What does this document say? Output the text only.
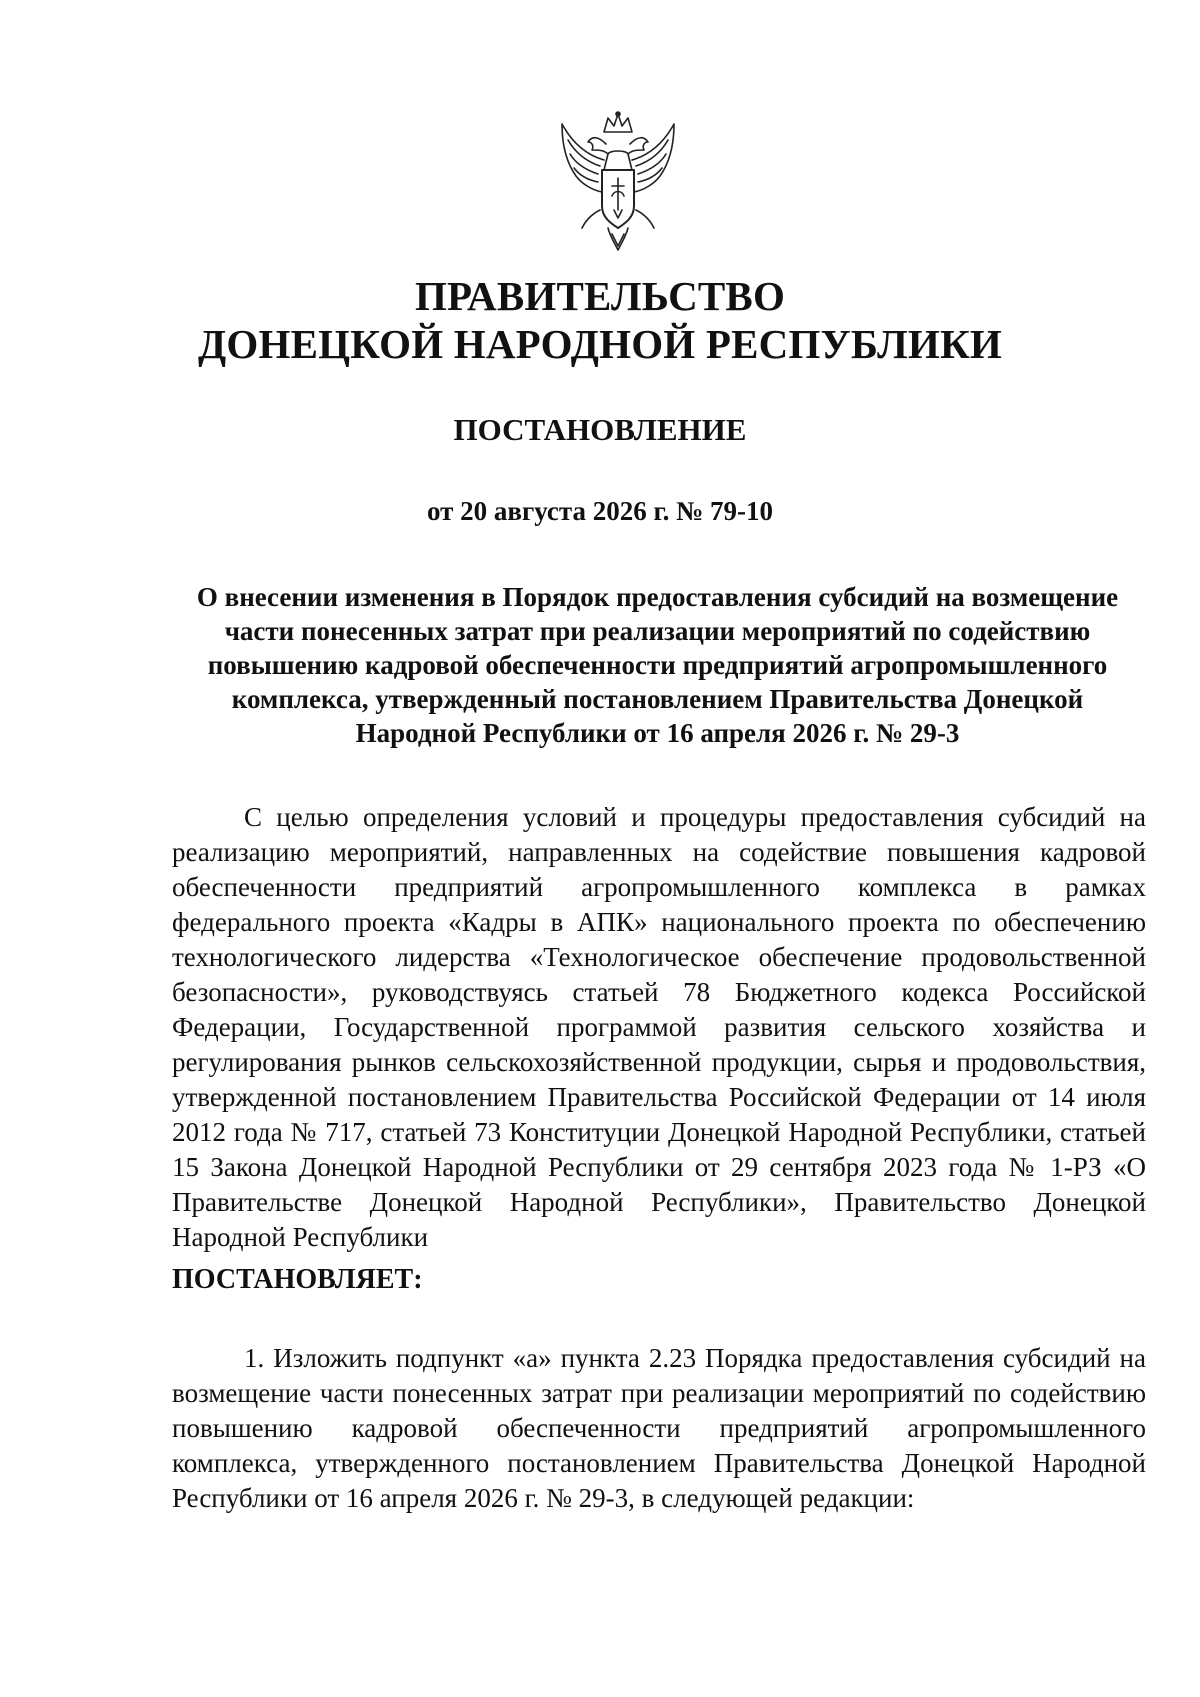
ПРАВИТЕЛЬСТВО
ДОНЕЦКОЙ НАРОДНОЙ РЕСПУБЛИКИ
ПОСТАНОВЛЕНИЕ
от 20 августа 2026 г. № 79-10
О внесении изменения в Порядок предоставления субсидий на возмещение части понесенных затрат при реализации мероприятий по содействию повышению кадровой обеспеченности предприятий агропромышленного комплекса, утвержденный постановлением Правительства Донецкой Народной Республики от 16 апреля 2026 г. № 29-3

С целью определения условий и процедуры предоставления субсидий на реализацию мероприятий, направленных на содействие повышения кадровой обеспеченности предприятий агропромышленного комплекса в рамках федерального проекта «Кадры в АПК» национального проекта по обеспечению технологического лидерства «Технологическое обеспечение продовольственной безопасности», руководствуясь статьей 78 Бюджетного кодекса Российской Федерации, Государственной программой развития сельского хозяйства и регулирования рынков сельскохозяйственной продукции, сырья и продовольствия, утвержденной постановлением Правительства Российской Федерации от 14 июля 2012 года № 717, статьей 73 Конституции Донецкой Народной Республики, статьей 15 Закона Донецкой Народной Республики от 29 сентября 2023 года № 1-РЗ «О Правительстве Донецкой Народной Республики», Правительство Донецкой Народной Республики

ПОСТАНОВЛЯЕТ:

1. Изложить подпункт «а» пункта 2.23 Порядка предоставления субсидий на возмещение части понесенных затрат при реализации мероприятий по содействию повышению кадровой обеспеченности предприятий агропромышленного комплекса, утвержденного постановлением Правительства Донецкой Народной Республики от 16 апреля 2026 г. № 29-3, в следующей редакции:
